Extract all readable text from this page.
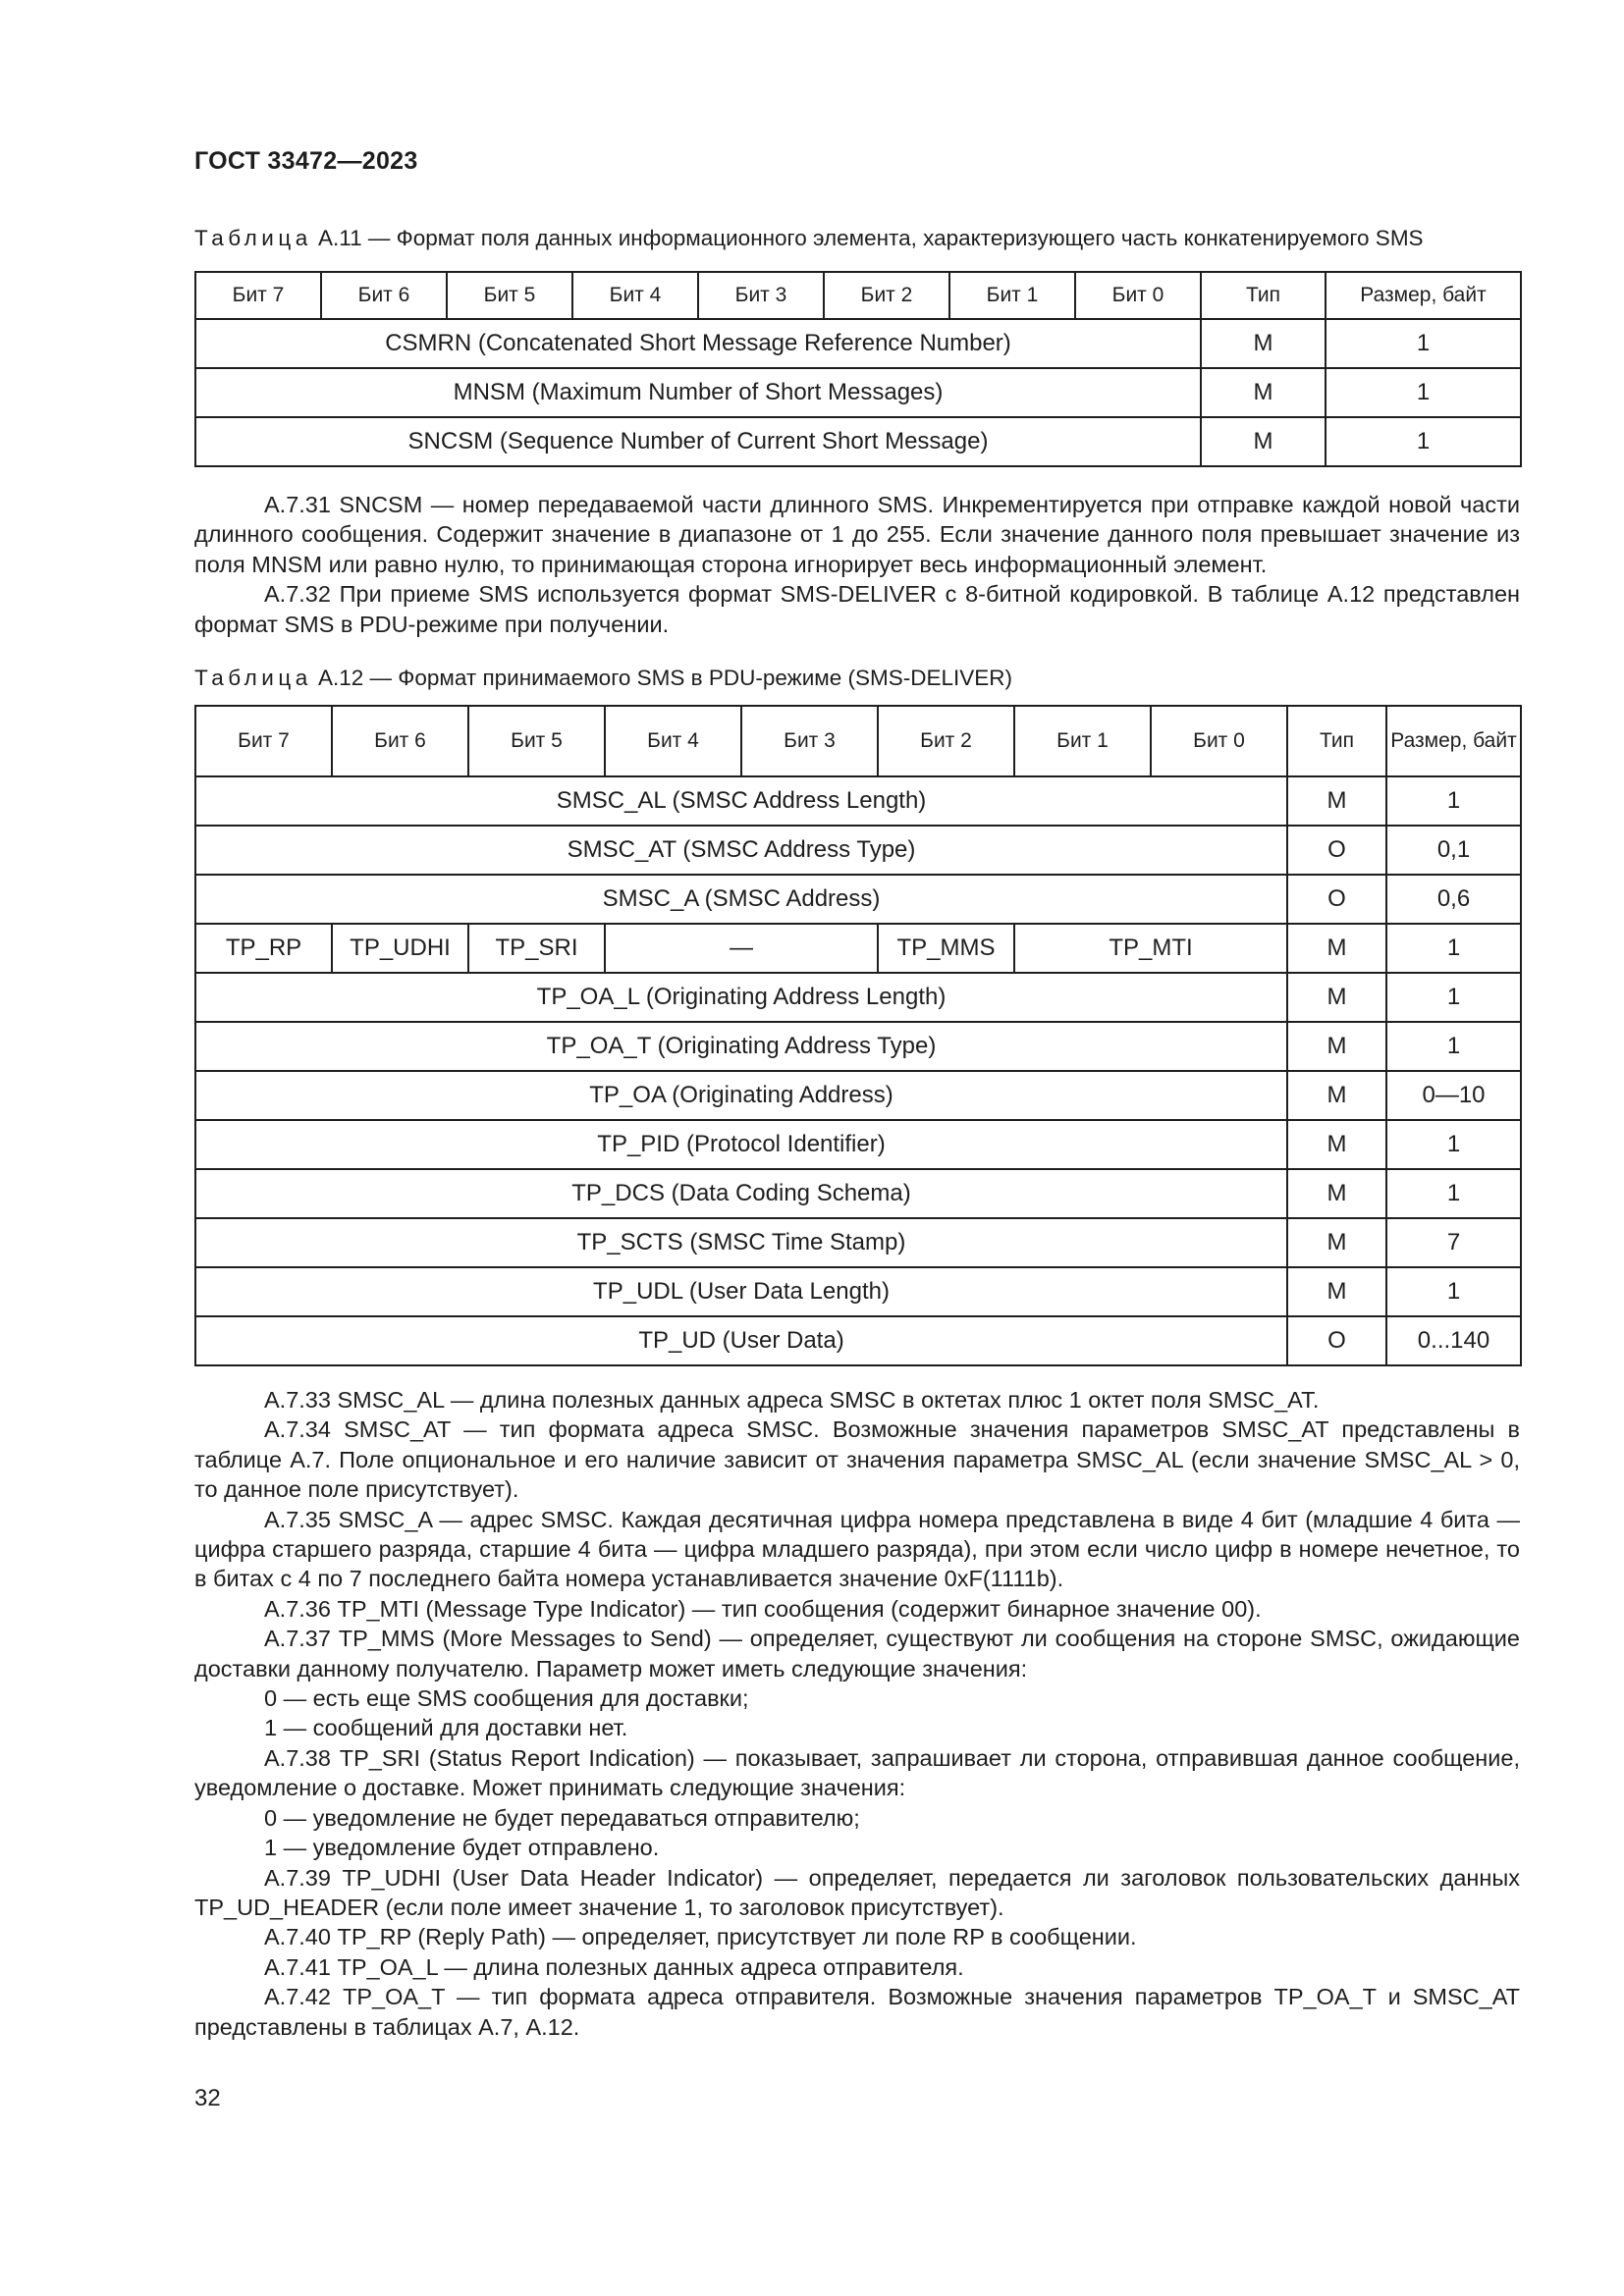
ГОСТ 33472—2023
Таблица А.11 — Формат поля данных информационного элемента, характеризующего часть конкатенируемого SMS
Бит 7	Бит 6	Бит 5	Бит 4	Бит 3	Бит 2	Бит 1	Бит 0	Тип	Размер, байт
CSMRN (Concatenated Short Message Reference Number)								М	1
MNSM (Maximum Number of Short Messages)								М	1
SNCSM (Sequence Number of Current Short Message)								М	1

А.7.31 SNCSM — номер передаваемой части длинного SMS. Инкрементируется при отправке каждой новой части длинного сообщения. Содержит значение в диапазоне от 1 до 255. Если значение данного поля превышает значение из поля MNSM или равно нулю, то принимающая сторона игнорирует весь информационный элемент.

А.7.32 При приеме SMS используется формат SMS-DELIVER с 8-битной кодировкой. В таблице А.12 представлен формат SMS в PDU-режиме при получении.

Таблица А.12 — Формат принимаемого SMS в PDU-режиме (SMS-DELIVER)
Бит 7	Бит 6	Бит 5	Бит 4	Бит 3	Бит 2	Бит 1	Бит 0	Тип	Размер, байт
SMSC_AL (SMSC Address Length)								М	1
SMSC_AT (SMSC Address Type)								О	0,1
SMSC_A (SMSC Address)								О	0,6
TP_RP	TP_UDHI	TP_SRI	—		TP_MMS	TP_MTI		М	1
TP_OA_L (Originating Address Length)								М	1
TP_OA_T (Originating Address Type)								М	1
TP_OA (Originating Address)								М	0—10
TP_PID (Protocol Identifier)								М	1
TP_DCS (Data Coding Schema)								М	1
TP_SCTS (SMSC Time Stamp)								М	7
TP_UDL (User Data Length)								М	1
TP_UD (User Data)								О	0...140

А.7.33 SMSC_AL — длина полезных данных адреса SMSC в октетах плюс 1 октет поля SMSC_AT.

А.7.34 SMSC_AT — тип формата адреса SMSC. Возможные значения параметров SMSC_AT представлены в таблице А.7. Поле опциональное и его наличие зависит от значения параметра SMSC_AL (если значение SMSC_AL > 0, то данное поле присутствует).

А.7.35 SMSC_A — адрес SMSC. Каждая десятичная цифра номера представлена в виде 4 бит (младшие 4 бита — цифра старшего разряда, старшие 4 бита — цифра младшего разряда), при этом если число цифр в номере нечетное, то в битах с 4 по 7 последнего байта номера устанавливается значение 0xF(1111b).

А.7.36 TP_MTI (Message Type Indicator) — тип сообщения (содержит бинарное значение 00).

А.7.37 TP_MMS (More Messages to Send) — определяет, существуют ли сообщения на стороне SMSC, ожидающие доставки данному получателю. Параметр может иметь следующие значения:

0 — есть еще SMS сообщения для доставки;

1 — сообщений для доставки нет.

А.7.38 TP_SRI (Status Report Indication) — показывает, запрашивает ли сторона, отправившая данное сообщение, уведомление о доставке. Может принимать следующие значения:

0 — уведомление не будет передаваться отправителю;

1 — уведомление будет отправлено.

А.7.39 TP_UDHI (User Data Header Indicator) — определяет, передается ли заголовок пользовательских данных TP_UD_HEADER (если поле имеет значение 1, то заголовок присутствует).

А.7.40 TP_RP (Reply Path) — определяет, присутствует ли поле RP в сообщении.

А.7.41 TP_OA_L — длина полезных данных адреса отправителя.

А.7.42 TP_OA_T — тип формата адреса отправителя. Возможные значения параметров TP_OA_T и SMSC_AT представлены в таблицах А.7, А.12.

32
